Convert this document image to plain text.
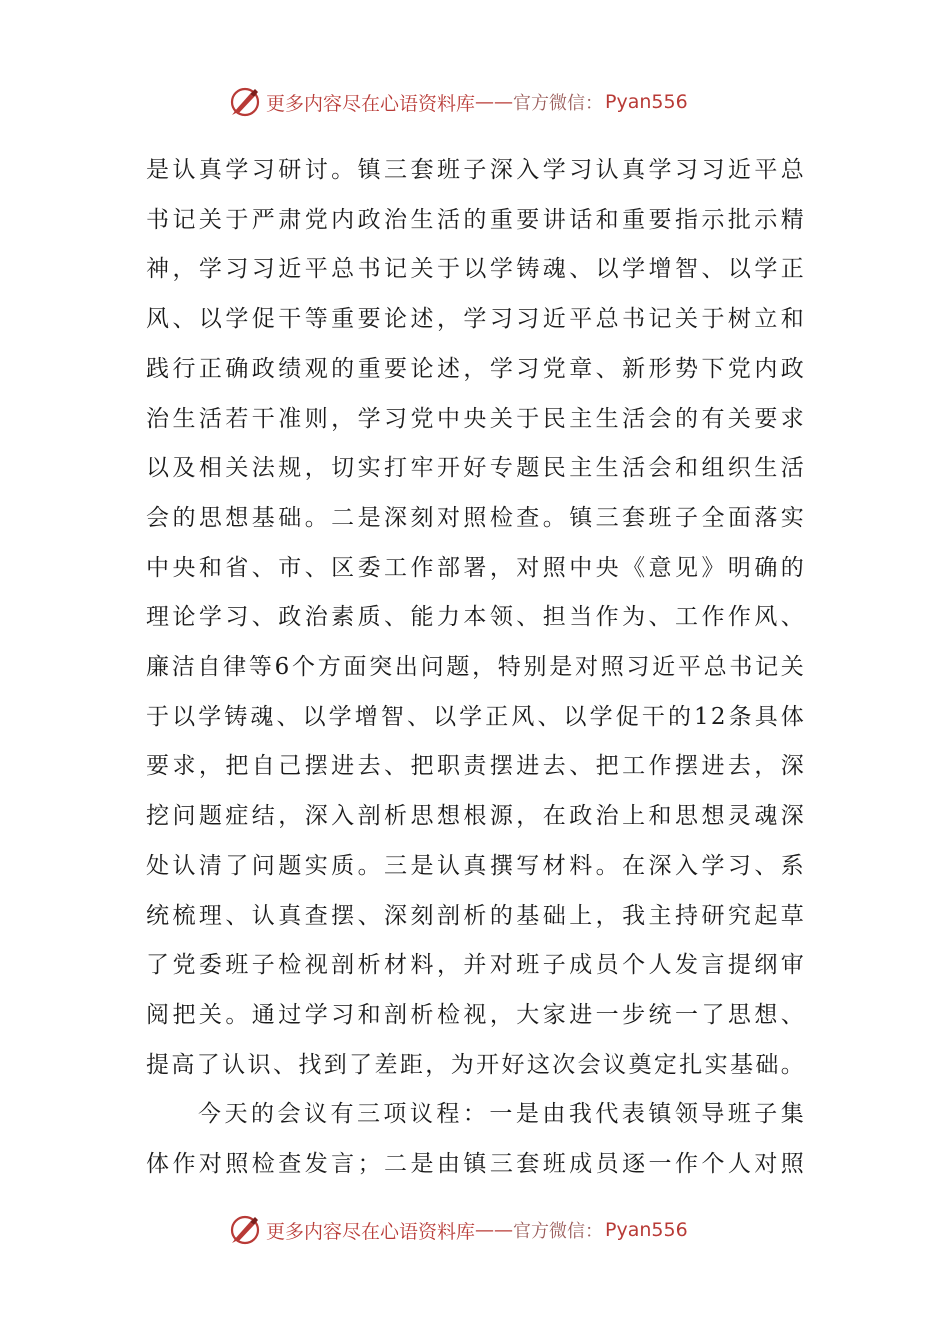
更多内容尽在心语资料库 —— 官方微信： Pyan556

是认真学习研讨。镇三套班子深入学习认真学习习近平总

书记关于严肃党内政治生活的重要讲话和重要指示批示精

神，学习习近平总书记关于以学铸魂、以学增智、以学正

风、以学促干等重要论述，学习习近平总书记关于树立和

践行正确政绩观的重要论述，学习党章、新形势下党内政

治生活若干准则，学习党中央关于民主生活会的有关要求

以及相关法规，切实打牢开好专题民主生活会和组织生活

会的思想基础。二是深刻对照检查。镇三套班子全面落实

中央和省、市、区委工作部署，对照中央《意见》明确的

理论学习、政治素质、能力本领、担当作为、工作作风、

廉洁自律等6个方面突出问题，特别是对照习近平总书记关

于以学铸魂、以学增智、以学正风、以学促干的12条具体

要求，把自己摆进去、把职责摆进去、把工作摆进去，深

挖问题症结，深入剖析思想根源，在政治上和思想灵魂深

处认清了问题实质。三是认真撰写材料。在深入学习、系

统梳理、认真查摆、深刻剖析的基础上，我主持研究起草

了党委班子检视剖析材料，并对班子成员个人发言提纲审

阅把关。通过学习和剖析检视，大家进一步统一了思想、

提高了认识、找到了差距，为开好这次会议奠定扎实基础。

今天的会议有三项议程：一是由我代表镇领导班子集

体作对照检查发言；二是由镇三套班成员逐一作个人对照

更多内容尽在心语资料库 —— 官方微信： Pyan556
